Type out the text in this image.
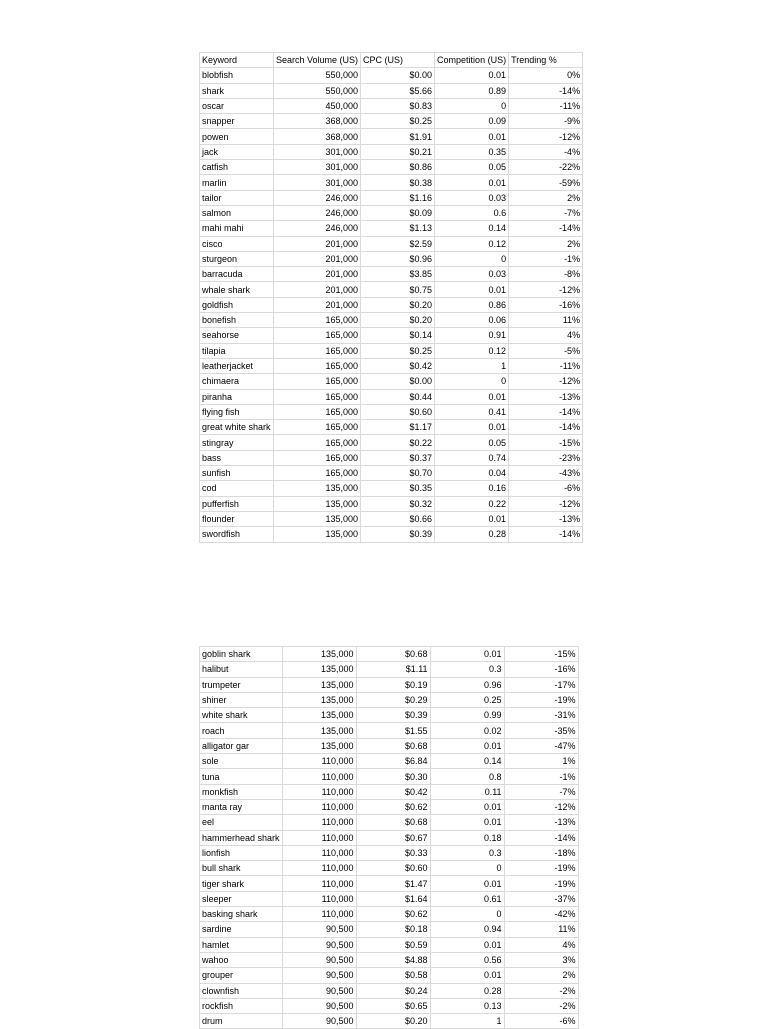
Keyword	Search Volume (US)	CPC (US)	Competition (US)	Trending %
blobfish	550,000	$0.00	0.01	0%
shark	550,000	$5.66	0.89	-14%
oscar	450,000	$0.83	0	-11%
snapper	368,000	$0.25	0.09	-9%
powen	368,000	$1.91	0.01	-12%
jack	301,000	$0.21	0.35	-4%
catfish	301,000	$0.86	0.05	-22%
marlin	301,000	$0.38	0.01	-59%
tailor	246,000	$1.16	0.03	2%
salmon	246,000	$0.09	0.6	-7%
mahi mahi	246,000	$1.13	0.14	-14%
cisco	201,000	$2.59	0.12	2%
sturgeon	201,000	$0.96	0	-1%
barracuda	201,000	$3.85	0.03	-8%
whale shark	201,000	$0.75	0.01	-12%
goldfish	201,000	$0.20	0.86	-16%
bonefish	165,000	$0.20	0.06	11%
seahorse	165,000	$0.14	0.91	4%
tilapia	165,000	$0.25	0.12	-5%
leatherjacket	165,000	$0.42	1	-11%
chimaera	165,000	$0.00	0	-12%
piranha	165,000	$0.44	0.01	-13%
flying fish	165,000	$0.60	0.41	-14%
great white shark	165,000	$1.17	0.01	-14%
stingray	165,000	$0.22	0.05	-15%
bass	165,000	$0.37	0.74	-23%
sunfish	165,000	$0.70	0.04	-43%
cod	135,000	$0.35	0.16	-6%
pufferfish	135,000	$0.32	0.22	-12%
flounder	135,000	$0.66	0.01	-13%
swordfish	135,000	$0.39	0.28	-14%
goblin shark	135,000	$0.68	0.01	-15%
halibut	135,000	$1.11	0.3	-16%
trumpeter	135,000	$0.19	0.96	-17%
shiner	135,000	$0.29	0.25	-19%
white shark	135,000	$0.39	0.99	-31%
roach	135,000	$1.55	0.02	-35%
alligator gar	135,000	$0.68	0.01	-47%
sole	110,000	$6.84	0.14	1%
tuna	110,000	$0.30	0.8	-1%
monkfish	110,000	$0.42	0.11	-7%
manta ray	110,000	$0.62	0.01	-12%
eel	110,000	$0.68	0.01	-13%
hammerhead shark	110,000	$0.67	0.18	-14%
lionfish	110,000	$0.33	0.3	-18%
bull shark	110,000	$0.60	0	-19%
tiger shark	110,000	$1.47	0.01	-19%
sleeper	110,000	$1.64	0.61	-37%
basking shark	110,000	$0.62	0	-42%
sardine	90,500	$0.18	0.94	11%
hamlet	90,500	$0.59	0.01	4%
wahoo	90,500	$4.88	0.56	3%
grouper	90,500	$0.58	0.01	2%
clownfish	90,500	$0.24	0.28	-2%
rockfish	90,500	$0.65	0.13	-2%
drum	90,500	$0.20	1	-6%
